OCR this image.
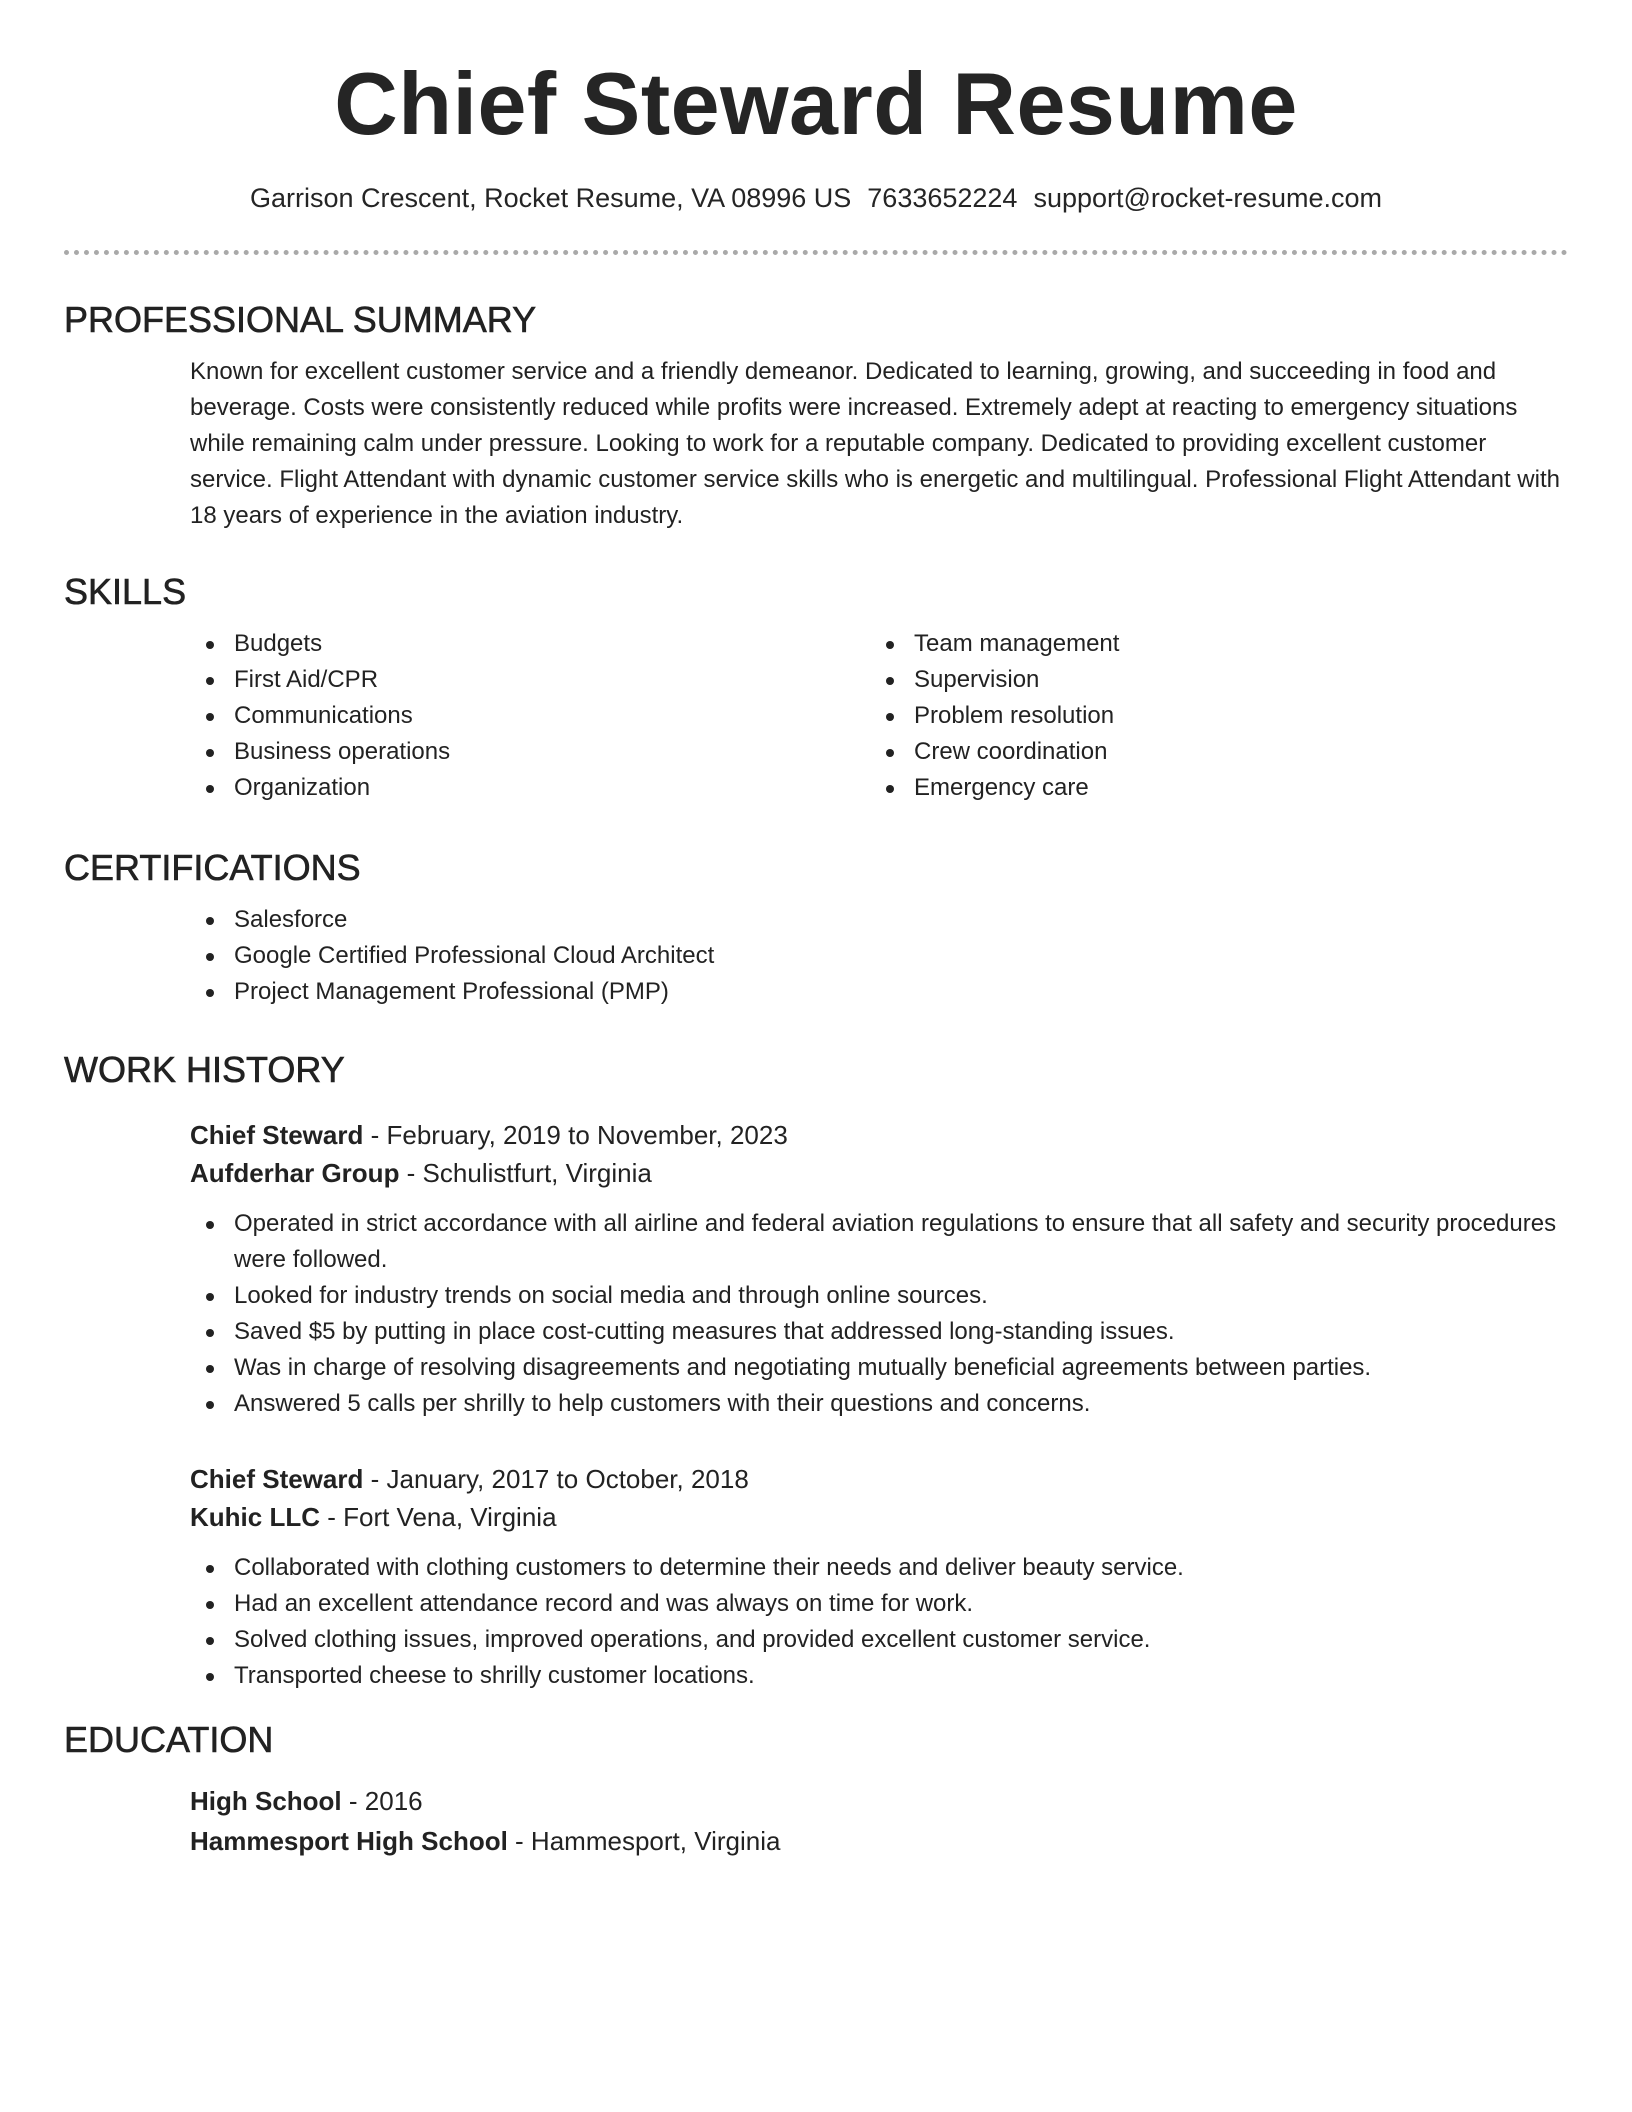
Chief Steward Resume
Garrison Crescent, Rocket Resume, VA 08996 US 7633652224 support@rocket-resume.com
PROFESSIONAL SUMMARY

Known for excellent customer service and a friendly demeanor. Dedicated to learning, growing, and succeeding in food and beverage. Costs were consistently reduced while profits were increased. Extremely adept at reacting to emergency situations while remaining calm under pressure. Looking to work for a reputable company. Dedicated to providing excellent customer service. Flight Attendant with dynamic customer service skills who is energetic and multilingual. Professional Flight Attendant with 18 years of experience in the aviation industry.

SKILLS
Budgets
First Aid/CPR
Communications
Business operations
Organization
Team management
Supervision
Problem resolution
Crew coordination
Emergency care
CERTIFICATIONS
Salesforce
Google Certified Professional Cloud Architect
Project Management Professional (PMP)
WORK HISTORY
Chief Steward - February, 2019 to November, 2023
Aufderhar Group - Schulistfurt, Virginia
Operated in strict accordance with all airline and federal aviation regulations to ensure that all safety and security procedures were followed.
Looked for industry trends on social media and through online sources.
Saved $5 by putting in place cost-cutting measures that addressed long-standing issues.
Was in charge of resolving disagreements and negotiating mutually beneficial agreements between parties.
Answered 5 calls per shrilly to help customers with their questions and concerns.
Chief Steward - January, 2017 to October, 2018
Kuhic LLC - Fort Vena, Virginia
Collaborated with clothing customers to determine their needs and deliver beauty service.
Had an excellent attendance record and was always on time for work.
Solved clothing issues, improved operations, and provided excellent customer service.
Transported cheese to shrilly customer locations.
EDUCATION
High School - 2016
Hammesport High School - Hammesport, Virginia
